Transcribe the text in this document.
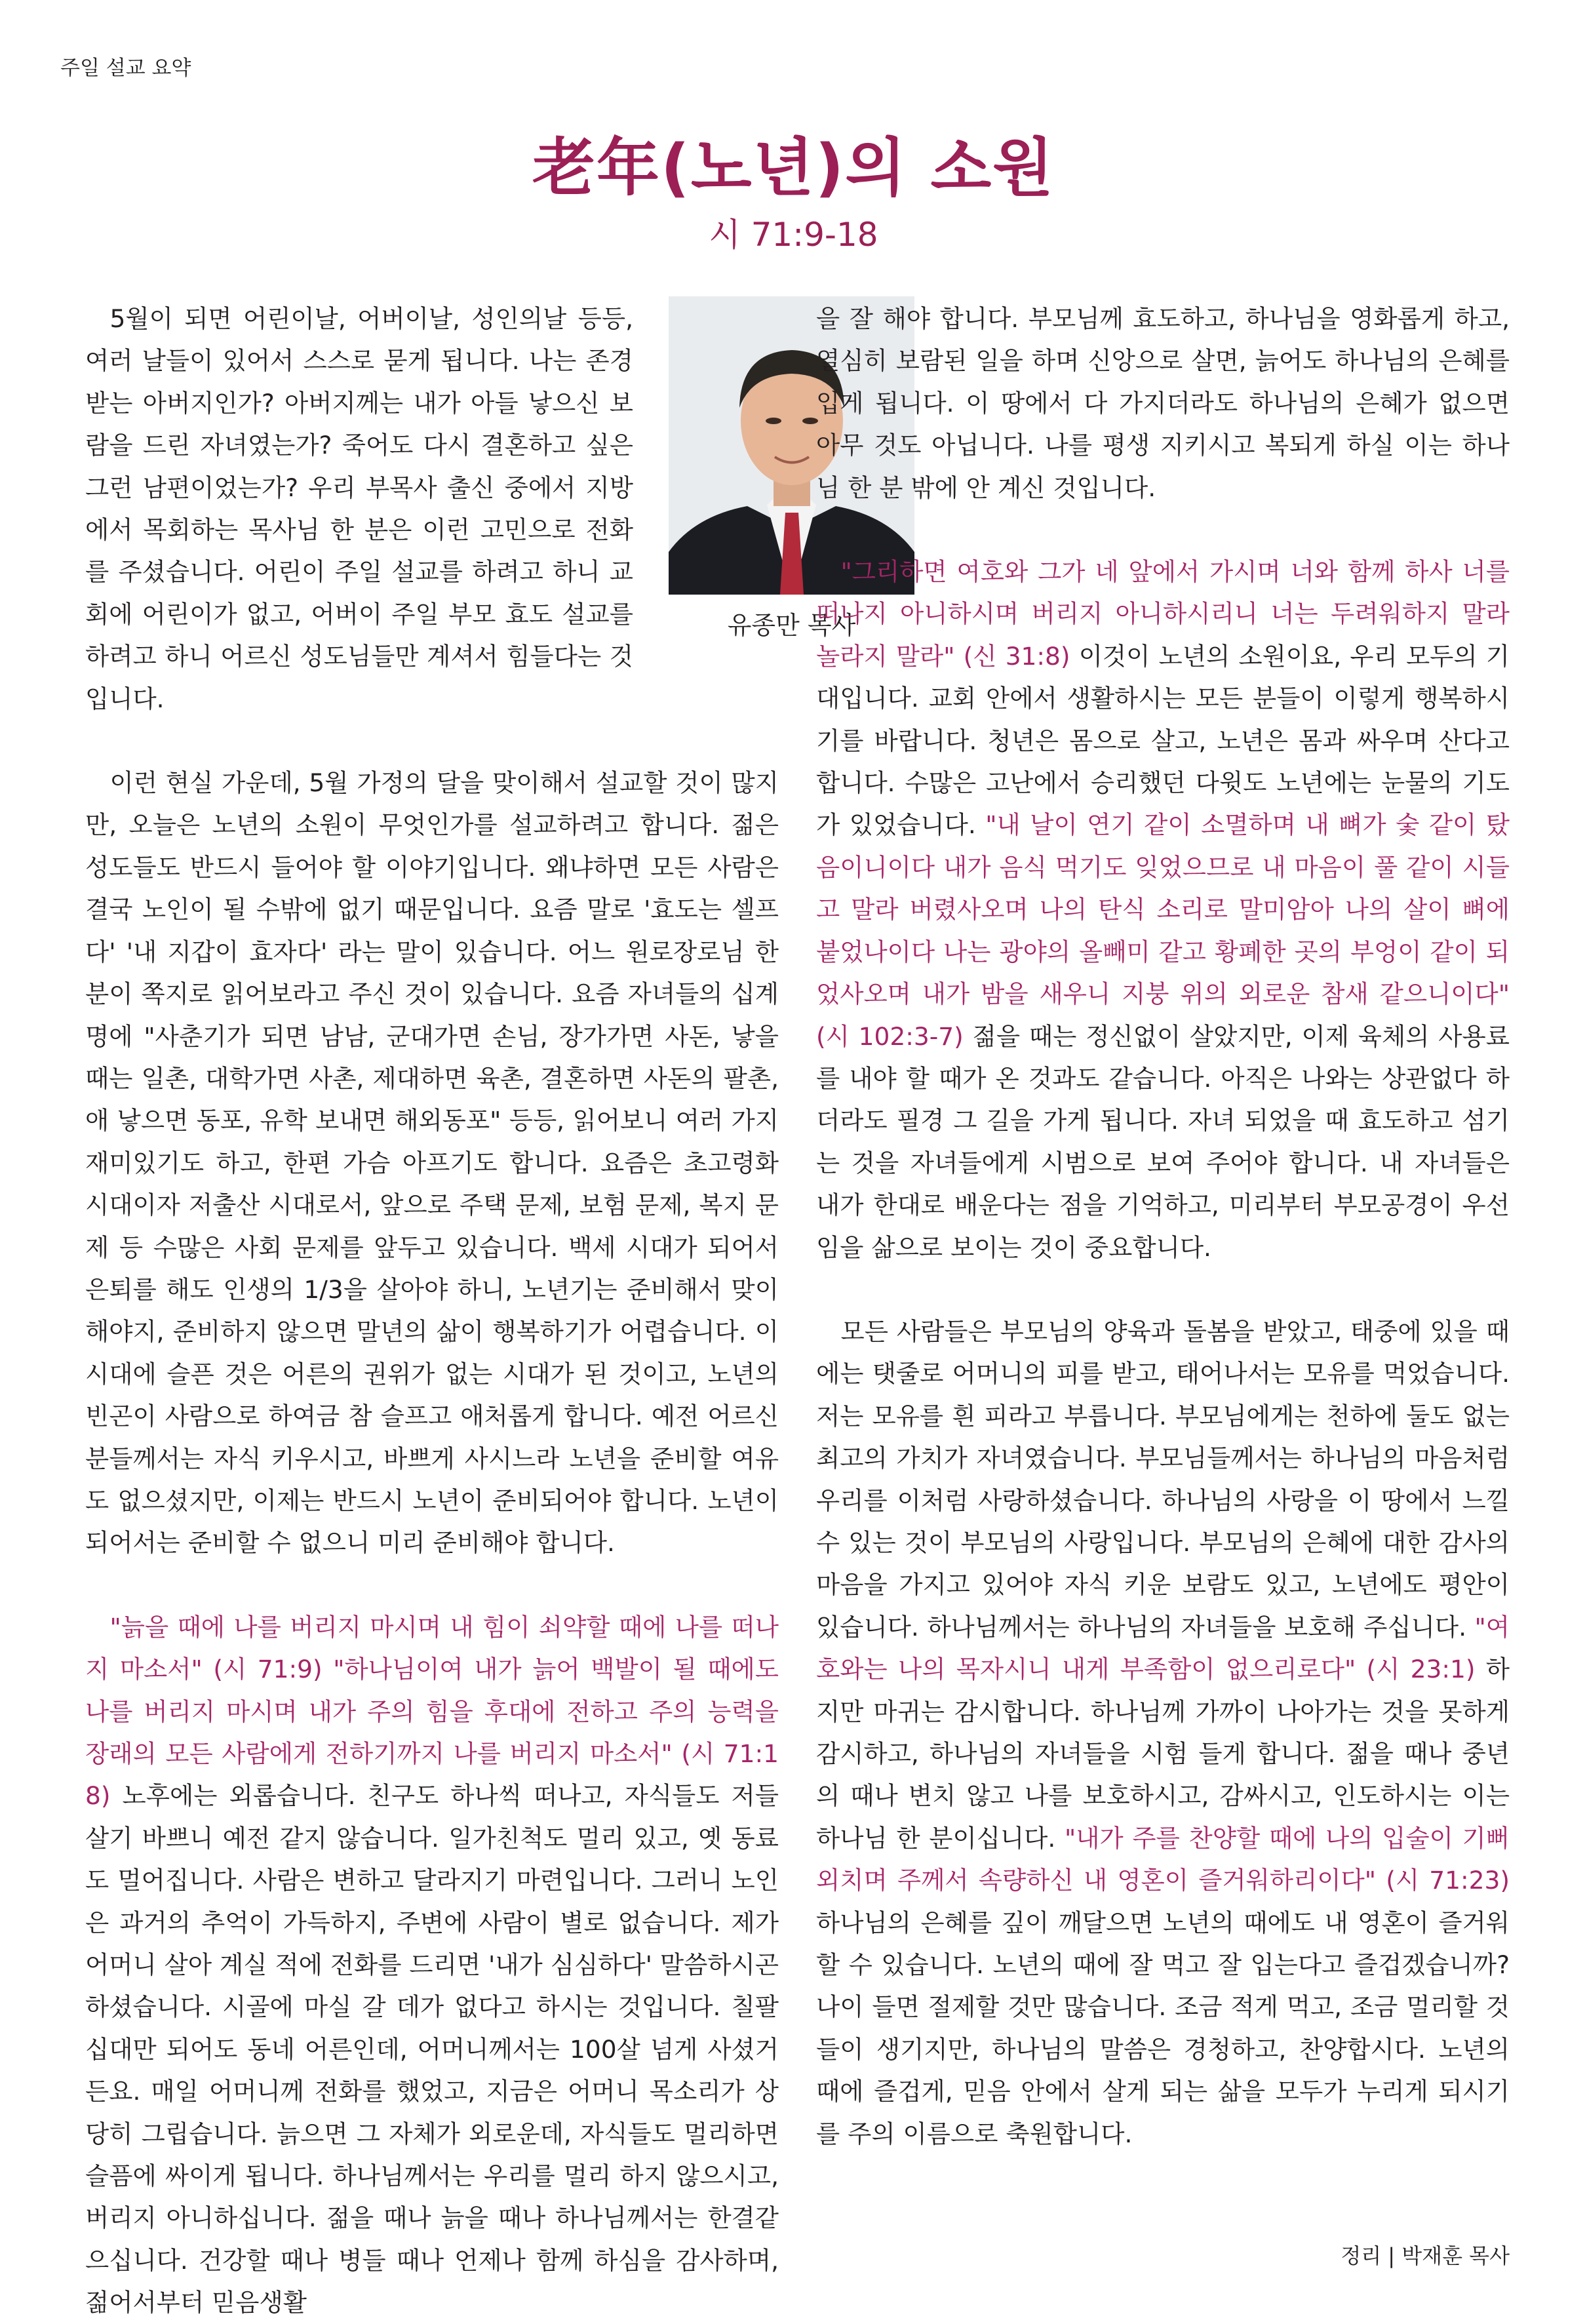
주일 설교 요약
老年(노년)의 소원
시 71:9-18
유종만 목사

5월이 되면 어린이날, 어버이날, 성인의날 등등, 여러 날들이 있어서 스스로 묻게 됩니다. 나는 존경 받는 아버지인가? 아버지께는 내가 아들 낳으신 보람을 드린 자녀였는가? 죽어도 다시 결혼하고 싶은 그런 남편이었는가? 우리 부목사 출신 중에서 지방에서 목회하는 목사님 한 분은 이런 고민으로 전화를 주셨습니다. 어린이 주일 설교를 하려고 하니 교회에 어린이가 없고, 어버이 주일 부모 효도 설교를 하려고 하니 어르신 성도님들만 계셔서 힘들다는 것입니다.

이런 현실 가운데, 5월 가정의 달을 맞이해서 설교할 것이 많지만, 오늘은 노년의 소원이 무엇인가를 설교하려고 합니다. 젊은 성도들도 반드시 들어야 할 이야기입니다. 왜냐하면 모든 사람은 결국 노인이 될 수밖에 없기 때문입니다. 요즘 말로 '효도는 셀프다' '내 지갑이 효자다' 라는 말이 있습니다. 어느 원로장로님 한 분이 쪽지로 읽어보라고 주신 것이 있습니다. 요즘 자녀들의 십계명에 "사춘기가 되면 남남, 군대가면 손님, 장가가면 사돈, 낳을 때는 일촌, 대학가면 사촌, 제대하면 육촌, 결혼하면 사돈의 팔촌, 애 낳으면 동포, 유학 보내면 해외동포" 등등, 읽어보니 여러 가지 재미있기도 하고, 한편 가슴 아프기도 합니다. 요즘은 초고령화 시대이자 저출산 시대로서, 앞으로 주택 문제, 보험 문제, 복지 문제 등 수많은 사회 문제를 앞두고 있습니다. 백세 시대가 되어서 은퇴를 해도 인생의 1/3을 살아야 하니, 노년기는 준비해서 맞이해야지, 준비하지 않으면 말년의 삶이 행복하기가 어렵습니다. 이 시대에 슬픈 것은 어른의 권위가 없는 시대가 된 것이고, 노년의 빈곤이 사람으로 하여금 참 슬프고 애처롭게 합니다. 예전 어르신 분들께서는 자식 키우시고, 바쁘게 사시느라 노년을 준비할 여유도 없으셨지만, 이제는 반드시 노년이 준비되어야 합니다. 노년이 되어서는 준비할 수 없으니 미리 준비해야 합니다.

"늙을 때에 나를 버리지 마시며 내 힘이 쇠약할 때에 나를 떠나지 마소서" (시 71:9) "하나님이여 내가 늙어 백발이 될 때에도 나를 버리지 마시며 내가 주의 힘을 후대에 전하고 주의 능력을 장래의 모든 사람에게 전하기까지 나를 버리지 마소서" (시 71:18) 노후에는 외롭습니다. 친구도 하나씩 떠나고, 자식들도 저들 살기 바쁘니 예전 같지 않습니다. 일가친척도 멀리 있고, 옛 동료도 멀어집니다. 사람은 변하고 달라지기 마련입니다. 그러니 노인은 과거의 추억이 가득하지, 주변에 사람이 별로 없습니다. 제가 어머니 살아 계실 적에 전화를 드리면 '내가 심심하다' 말씀하시곤 하셨습니다. 시골에 마실 갈 데가 없다고 하시는 것입니다. 칠팔십대만 되어도 동네 어른인데, 어머니께서는 100살 넘게 사셨거든요. 매일 어머니께 전화를 했었고, 지금은 어머니 목소리가 상당히 그립습니다. 늙으면 그 자체가 외로운데, 자식들도 멀리하면 슬픔에 싸이게 됩니다. 하나님께서는 우리를 멀리 하지 않으시고, 버리지 아니하십니다. 젊을 때나 늙을 때나 하나님께서는 한결같으십니다. 건강할 때나 병들 때나 언제나 함께 하심을 감사하며, 젊어서부터 믿음생활

을 잘 해야 합니다. 부모님께 효도하고, 하나님을 영화롭게 하고, 열심히 보람된 일을 하며 신앙으로 살면, 늙어도 하나님의 은혜를 입게 됩니다. 이 땅에서 다 가지더라도 하나님의 은혜가 없으면 아무 것도 아닙니다. 나를 평생 지키시고 복되게 하실 이는 하나님 한 분 밖에 안 계신 것입니다.

"그리하면 여호와 그가 네 앞에서 가시며 너와 함께 하사 너를 떠나지 아니하시며 버리지 아니하시리니 너는 두려워하지 말라 놀라지 말라" (신 31:8) 이것이 노년의 소원이요, 우리 모두의 기대입니다. 교회 안에서 생활하시는 모든 분들이 이렇게 행복하시기를 바랍니다. 청년은 몸으로 살고, 노년은 몸과 싸우며 산다고 합니다. 수많은 고난에서 승리했던 다윗도 노년에는 눈물의 기도가 있었습니다. "내 날이 연기 같이 소멸하며 내 뼈가 숯 같이 탔음이니이다 내가 음식 먹기도 잊었으므로 내 마음이 풀 같이 시들고 말라 버렸사오며 나의 탄식 소리로 말미암아 나의 살이 뼈에 붙었나이다 나는 광야의 올빼미 같고 황폐한 곳의 부엉이 같이 되었사오며 내가 밤을 새우니 지붕 위의 외로운 참새 같으니이다" (시 102:3-7) 젊을 때는 정신없이 살았지만, 이제 육체의 사용료를 내야 할 때가 온 것과도 같습니다. 아직은 나와는 상관없다 하더라도 필경 그 길을 가게 됩니다. 자녀 되었을 때 효도하고 섬기는 것을 자녀들에게 시범으로 보여 주어야 합니다. 내 자녀들은 내가 한대로 배운다는 점을 기억하고, 미리부터 부모공경이 우선임을 삶으로 보이는 것이 중요합니다.

모든 사람들은 부모님의 양육과 돌봄을 받았고, 태중에 있을 때에는 탯줄로 어머니의 피를 받고, 태어나서는 모유를 먹었습니다. 저는 모유를 흰 피라고 부릅니다. 부모님에게는 천하에 둘도 없는 최고의 가치가 자녀였습니다. 부모님들께서는 하나님의 마음처럼 우리를 이처럼 사랑하셨습니다. 하나님의 사랑을 이 땅에서 느낄 수 있는 것이 부모님의 사랑입니다. 부모님의 은혜에 대한 감사의 마음을 가지고 있어야 자식 키운 보람도 있고, 노년에도 평안이 있습니다. 하나님께서는 하나님의 자녀들을 보호해 주십니다. "여호와는 나의 목자시니 내게 부족함이 없으리로다" (시 23:1) 하지만 마귀는 감시합니다. 하나님께 가까이 나아가는 것을 못하게 감시하고, 하나님의 자녀들을 시험 들게 합니다. 젊을 때나 중년의 때나 변치 않고 나를 보호하시고, 감싸시고, 인도하시는 이는 하나님 한 분이십니다. "내가 주를 찬양할 때에 나의 입술이 기뻐 외치며 주께서 속량하신 내 영혼이 즐거워하리이다" (시 71:23) 하나님의 은혜를 깊이 깨달으면 노년의 때에도 내 영혼이 즐거워할 수 있습니다. 노년의 때에 잘 먹고 잘 입는다고 즐겁겠습니까? 나이 들면 절제할 것만 많습니다. 조금 적게 먹고, 조금 멀리할 것들이 생기지만, 하나님의 말씀은 경청하고, 찬양합시다. 노년의 때에 즐겁게, 믿음 안에서 살게 되는 삶을 모두가 누리게 되시기를 주의 이름으로 축원합니다.

정리 | 박재훈 목사
